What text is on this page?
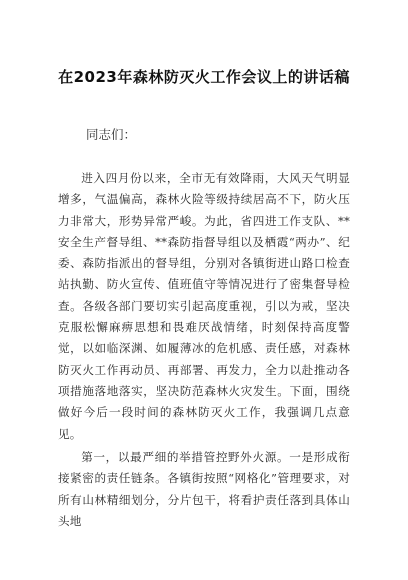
在2023年森林防灭火工作会议上的讲话稿
同志们：
进入四月份以来，全市无有效降雨，大风天气明显增多，气温偏高，森林火险等级持续居高不下，防火压力非常大，形势异常严峻。为此，省四进工作支队、**安全生产督导组、**森防指督导组以及栖霞“两办”、纪委、森防指派出的督导组，分别对各镇街进山路口检查站执勤、防火宣传、值班值守等情况进行了密集督导检查。各级各部门要切实引起高度重视，引以为戒，坚决克服松懈麻痹思想和畏难厌战情绪，时刻保持高度警觉，以如临深渊、如履薄冰的危机感、责任感，对森林防灭火工作再动员、再部署、再发力，全力以赴推动各项措施落地落实，坚决防范森林火灾发生。下面，围绕做好今后一段时间的森林防灭火工作，我强调几点意见。
第一，以最严细的举措管控野外火源。一是形成衔接紧密的责任链条。各镇街按照“网格化”管理要求，对所有山林精细划分，分片包干，将看护责任落到具体山头地
